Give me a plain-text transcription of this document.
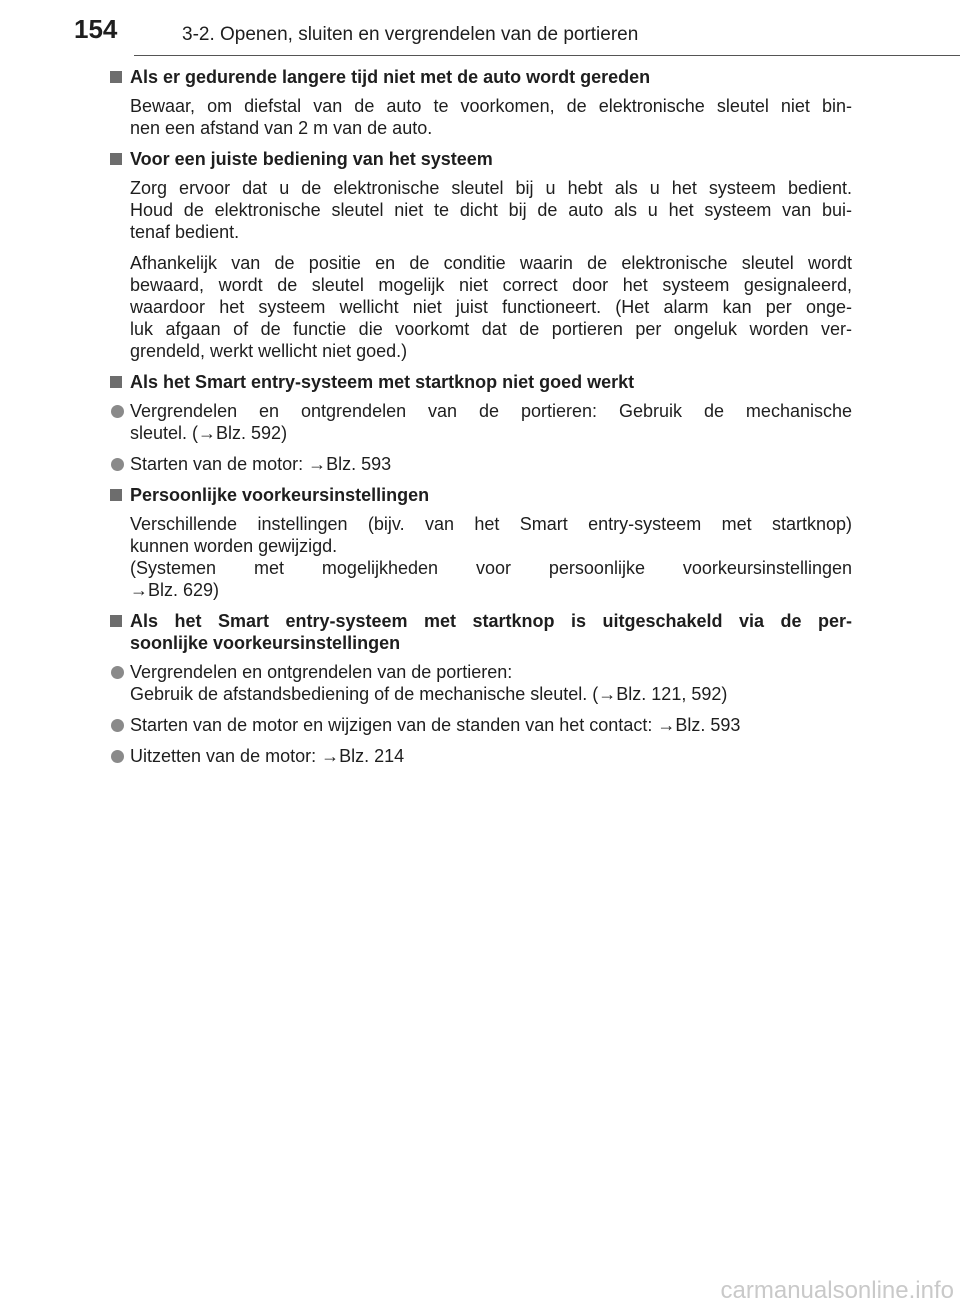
154	3-2. Openen, sluiten en vergrendelen van de portieren
Als er gedurende langere tijd niet met de auto wordt gereden
Bewaar, om diefstal van de auto te voorkomen, de elektronische sleutel niet bin-
nen een afstand van 2 m van de auto.
Voor een juiste bediening van het systeem
Zorg ervoor dat u de elektronische sleutel bij u hebt als u het systeem bedient.
Houd de elektronische sleutel niet te dicht bij de auto als u het systeem van bui-
tenaf bedient.
Afhankelijk van de positie en de conditie waarin de elektronische sleutel wordt
bewaard, wordt de sleutel mogelijk niet correct door het systeem gesignaleerd,
waardoor het systeem wellicht niet juist functioneert. (Het alarm kan per onge-
luk afgaan of de functie die voorkomt dat de portieren per ongeluk worden ver-
grendeld, werkt wellicht niet goed.)
Als het Smart entry-systeem met startknop niet goed werkt
Vergrendelen en ontgrendelen van de portieren: Gebruik de mechanische
sleutel. (→Blz. 592)
Starten van de motor: →Blz. 593
Persoonlijke voorkeursinstellingen
Verschillende instellingen (bijv. van het Smart entry-systeem met startknop)
kunnen worden gewijzigd.
(Systemen met mogelijkheden voor persoonlijke voorkeursinstellingen
→Blz. 629)
Als het Smart entry-systeem met startknop is uitgeschakeld via de per-
soonlijke voorkeursinstellingen
Vergrendelen en ontgrendelen van de portieren:
Gebruik de afstandsbediening of de mechanische sleutel. (→Blz. 121, 592)
Starten van de motor en wijzigen van de standen van het contact: →Blz. 593
Uitzetten van de motor: →Blz. 214
carmanualsonline.info
